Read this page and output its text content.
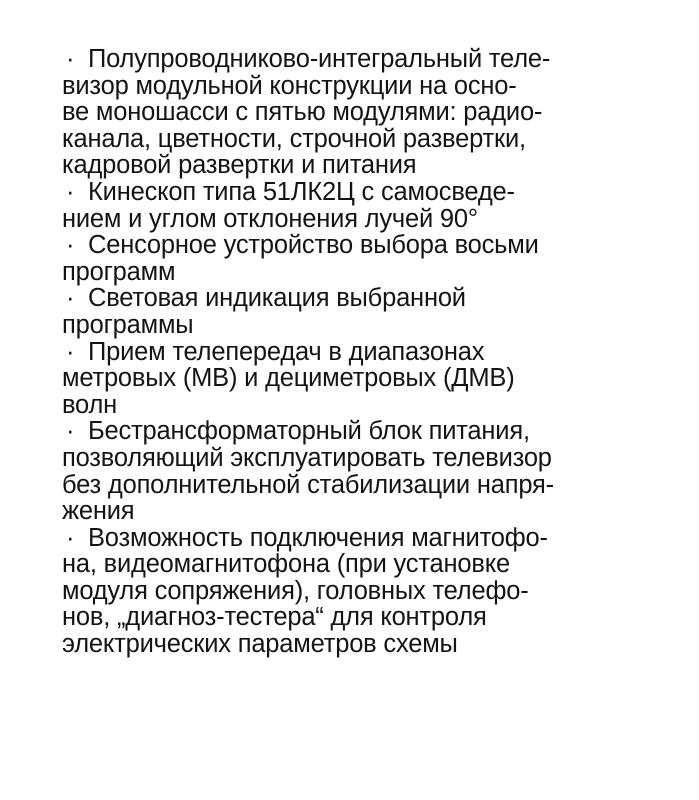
· Полупроводниково-интегральный теле-
визор модульной конструкции на осно-
ве моношасси с пятью модулями: радио-
канала, цветности, строчной развертки,
кадровой развертки и питания
· Кинескоп типа 51ЛК2Ц с самосведе-
нием и углом отклонения лучей 90°
· Сенсорное устройство выбора восьми
программ
· Световая индикация выбранной
программы
· Прием телепередач в диапазонах
метровых (МВ) и дециметровых (ДМВ)
волн
· Бестрансформаторный блок питания,
позволяющий эксплуатировать телевизор
без дополнительной стабилизации напря-
жения
· Возможность подключения магнитофо-
на, видеомагнитофона (при установке
модуля сопряжения), головных телефо-
нов, „диагноз-тестера“ для контроля
электрических параметров схемы
